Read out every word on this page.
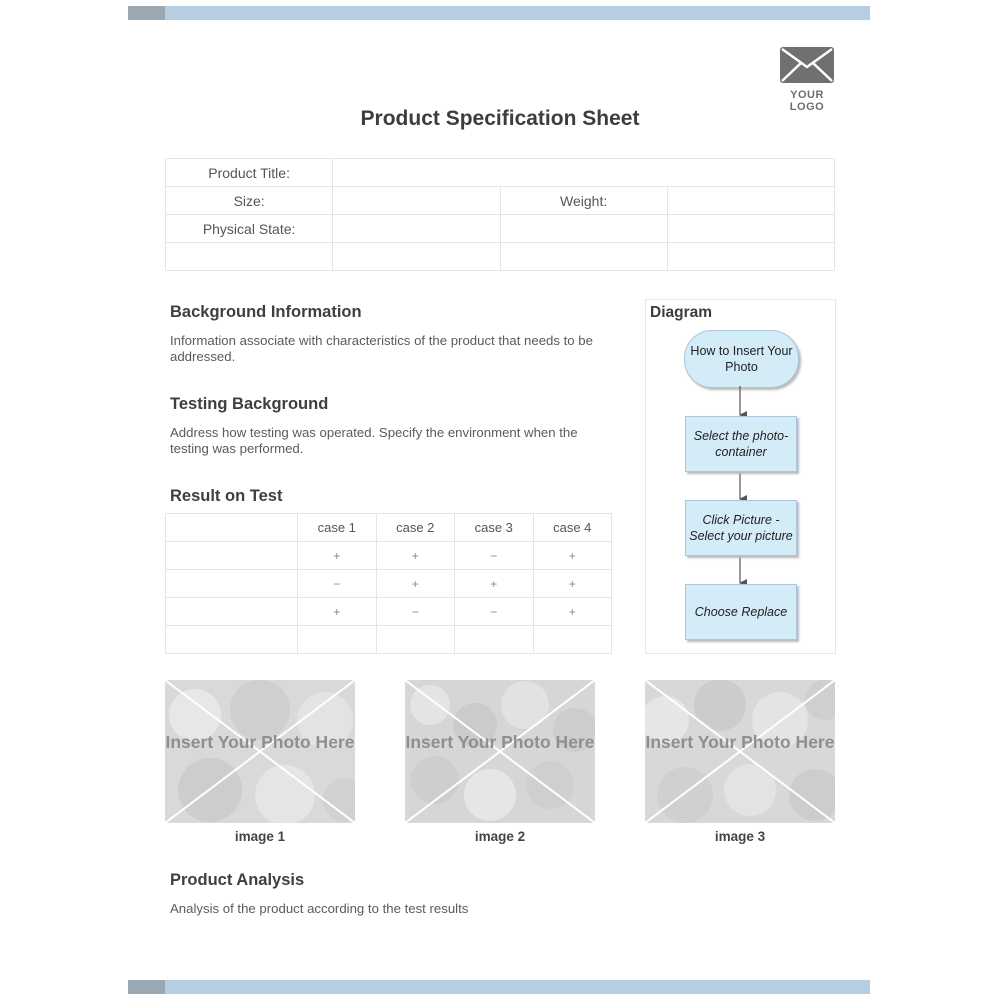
YOUR LOGO
Product Specification Sheet
Product Title:			
Size:		Weight:	
Physical State:			

Background Information
Information associate with characteristics of the product that needs to be addressed.
Testing Background
Address how testing was operated. Specify the environment when the testing was performed.
Result on Test
	case 1	case 2	case 3	case 4
	+	+	−	+
	−	+	+	+
	+	−	−	+

Diagram
How to Insert Your Photo
Select the photo-container
Click Picture - Select your picture
Choose Replace
Insert Your Photo Here
image 1
Insert Your Photo Here
image 2
Insert Your Photo Here
image 3
Product Analysis
Analysis of the product according to the test results
